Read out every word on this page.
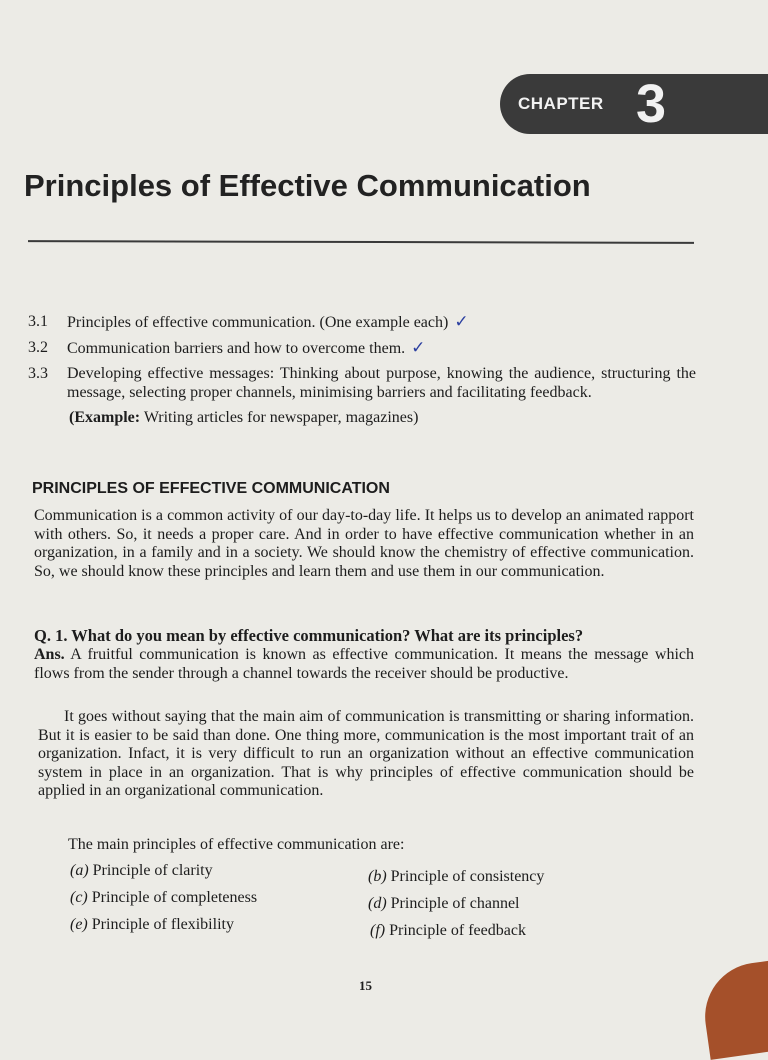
CHAPTER 3
Principles of Effective Communication
3.1 Principles of effective communication. (One example each) ✓
3.2 Communication barriers and how to overcome them. ✓
3.3 Developing effective messages: Thinking about purpose, knowing the audience, structuring the message, selecting proper channels, minimising barriers and facilitating feedback.
(Example: Writing articles for newspaper, magazines)
PRINCIPLES OF EFFECTIVE COMMUNICATION
Communication is a common activity of our day-to-day life. It helps us to develop an animated rapport with others. So, it needs a proper care. And in order to have effective communication whether in an organization, in a family and in a society. We should know the chemistry of effective communication. So, we should know these principles and learn them and use them in our communication.
Q. 1. What do you mean by effective communication? What are its principles?
Ans. A fruitful communication is known as effective communication. It means the message which flows from the sender through a channel towards the receiver should be productive.
It goes without saying that the main aim of communication is transmitting or sharing information. But it is easier to be said than done. One thing more, communication is the most important trait of an organization. Infact, it is very difficult to run an organization without an effective communication system in place in an organization. That is why principles of effective communication should be applied in an organizational communication.
The main principles of effective communication are:
(a) Principle of clarity	(b) Principle of consistency
(c) Principle of completeness	(d) Principle of channel
(e) Principle of flexibility	(f) Principle of feedback
15
